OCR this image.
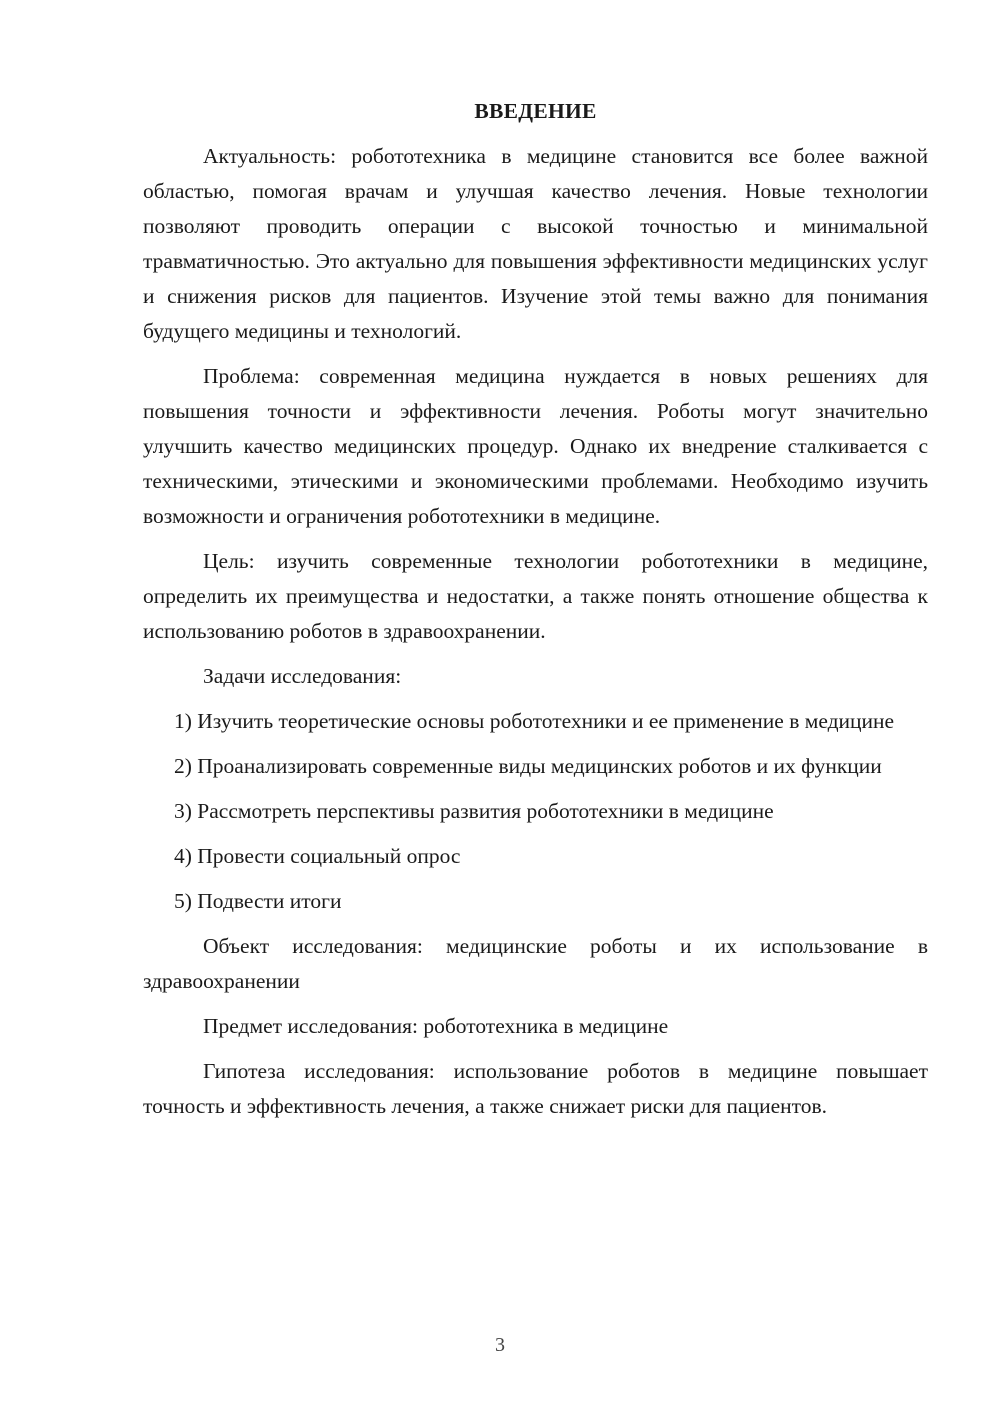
ВВЕДЕНИЕ

Актуальность: робототехника в медицине становится все более важной областью, помогая врачам и улучшая качество лечения. Новые технологии позволяют проводить операции с высокой точностью и минимальной травматичностью. Это актуально для повышения эффективности медицинских услуг и снижения рисков для пациентов. Изучение этой темы важно для понимания будущего медицины и технологий.

Проблема: современная медицина нуждается в новых решениях для повышения точности и эффективности лечения. Роботы могут значительно улучшить качество медицинских процедур. Однако их внедрение сталкивается с техническими, этическими и экономическими проблемами. Необходимо изучить возможности и ограничения робототехники в медицине.

Цель: изучить современные технологии робототехники в медицине, определить их преимущества и недостатки, а также понять отношение общества к использованию роботов в здравоохранении.

Задачи исследования:

1) Изучить теоретические основы робототехники и ее применение в медицине

2) Проанализировать современные виды медицинских роботов и их функции

3) Рассмотреть перспективы развития робототехники в медицине

4) Провести социальный опрос

5) Подвести итоги

Объект исследования: медицинские роботы и их использование в здравоохранении

Предмет исследования: робототехника в медицине

Гипотеза исследования: использование роботов в медицине повышает точность и эффективность лечения, а также снижает риски для пациентов.

3
